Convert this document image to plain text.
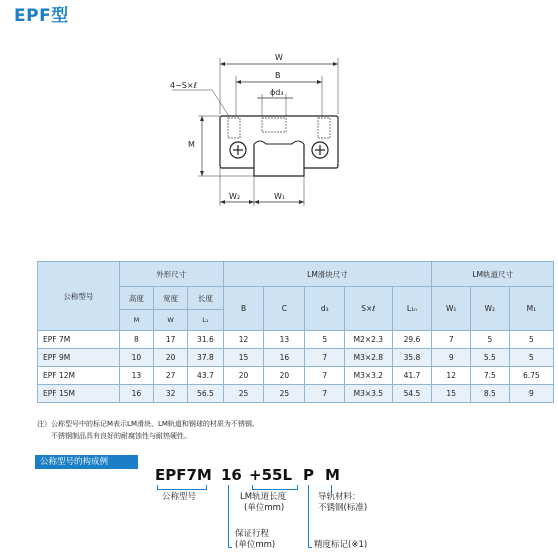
EPF型
W
B
ϕd₃
4−S×ℓ
M
W₂	W₁
公称型号	外形尺寸			LM滑块尺寸					LM轨道尺寸		
	高度	宽度	长度	B	C	d₃	S×ℓ	L₁ₙ	W₁	W₂	M₁
	M	W	L₁								
EPF 7M	8	17	31.6	12	13	5	M2×2.3	29.6	7	5	5
EPF 9M	10	20	37.8	15	16	7	M3×2.8	35.8	9	5.5	5
EPF 12M	13	27	43.7	20	20	7	M3×3.2	41.7	12	7.5	6.75
EPF 15M	16	32	56.5	25	25	7	M3×3.5	54.5	15	8.5	9
注）公称型号中的标记M表示LM滑块、LM轨道和钢球的材质为不锈钢。
不锈钢制品具有良好的耐腐蚀性与耐热硬性。
公称型号的构成例
EPF7M 16 +55L P M
公称型号	LM轨道长度
(单位mm)
导轨材料：
不锈钢(标准)
保证行程
(单位mm)	精度标记(※1)
